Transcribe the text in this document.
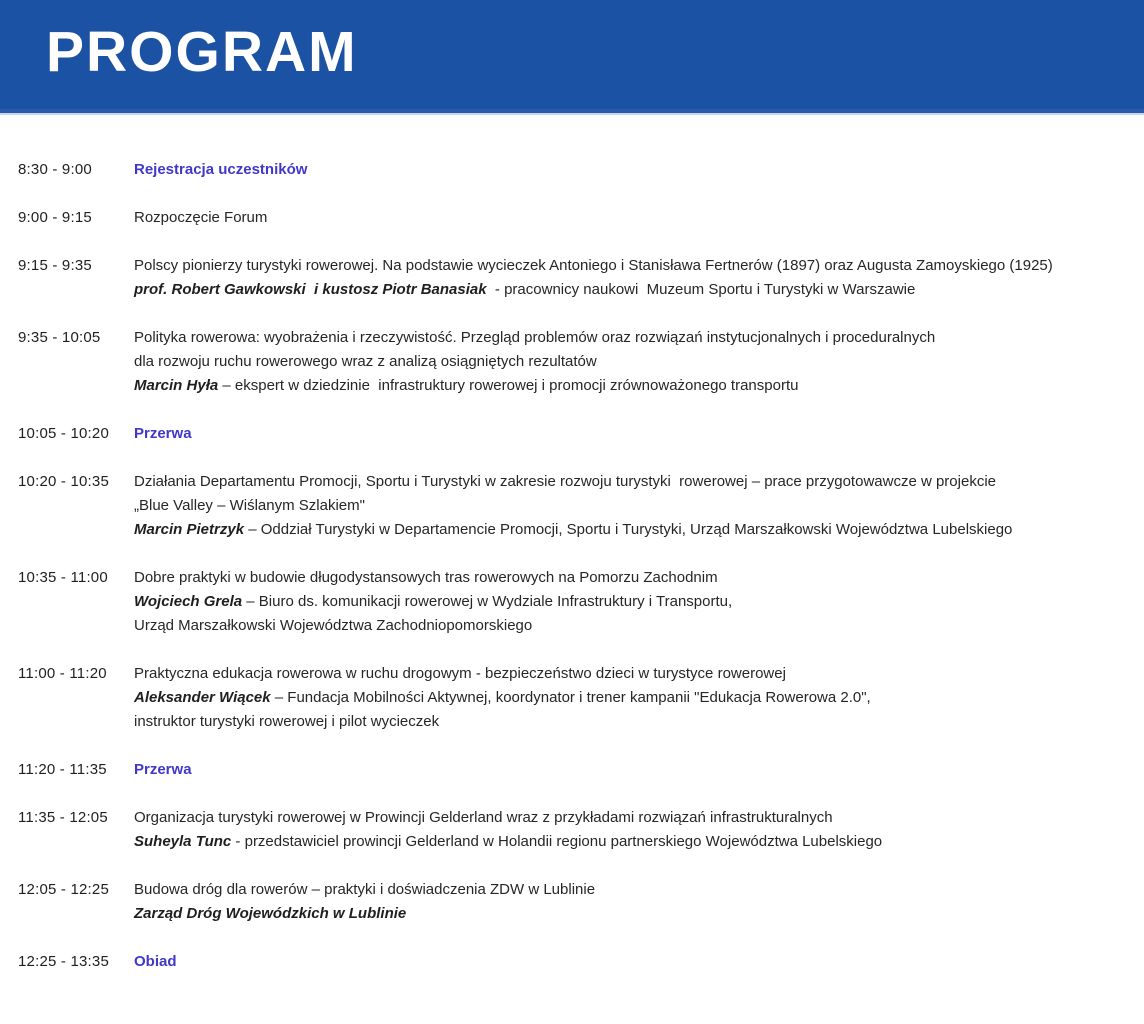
PROGRAM
8:30 - 9:00	Rejestracja uczestników
9:00 - 9:15	Rozpoczęcie Forum
9:15 - 9:35	Polscy pionierzy turystyki rowerowej. Na podstawie wycieczek Antoniego i Stanisława Fertnerów (1897) oraz Augusta Zamoyskiego (1925)
prof. Robert Gawkowski  i kustosz Piotr Banasiak  - pracownicy naukowi  Muzeum Sportu i Turystyki w Warszawie
9:35 - 10:05	Polityka rowerowa: wyobrażenia i rzeczywistość. Przegląd problemów oraz rozwiązań instytucjonalnych i proceduralnych
dla rozwoju ruchu rowerowego wraz z analizą osiągniętych rezultatów
Marcin Hyła – ekspert w dziedzinie  infrastruktury rowerowej i promocji zrównoważonego transportu
10:05 - 10:20	Przerwa
10:20 - 10:35	Działania Departamentu Promocji, Sportu i Turystyki w zakresie rozwoju turystyki  rowerowej – prace przygotowawcze w projekcie
„Blue Valley – Wiślanym Szlakiem"
Marcin Pietrzyk – Oddział Turystyki w Departamencie Promocji, Sportu i Turystyki, Urząd Marszałkowski Województwa Lubelskiego
10:35 - 11:00	Dobre praktyki w budowie długodystansowych tras rowerowych na Pomorzu Zachodnim
Wojciech Grela – Biuro ds. komunikacji rowerowej w Wydziale Infrastruktury i Transportu,
Urząd Marszałkowski Województwa Zachodniopomorskiego
11:00 - 11:20	Praktyczna edukacja rowerowa w ruchu drogowym - bezpieczeństwo dzieci w turystyce rowerowej
Aleksander Wiącek – Fundacja Mobilności Aktywnej, koordynator i trener kampanii "Edukacja Rowerowa 2.0",
instruktor turystyki rowerowej i pilot wycieczek
11:20 - 11:35	Przerwa
11:35 - 12:05	Organizacja turystyki rowerowej w Prowincji Gelderland wraz z przykładami rozwiązań infrastrukturalnych
Suheyla Tunc - przedstawiciel prowincji Gelderland w Holandii regionu partnerskiego Województwa Lubelskiego
12:05 - 12:25	Budowa dróg dla rowerów – praktyki i doświadczenia ZDW w Lublinie
Zarząd Dróg Wojewódzkich w Lublinie
12:25 - 13:35	Obiad
